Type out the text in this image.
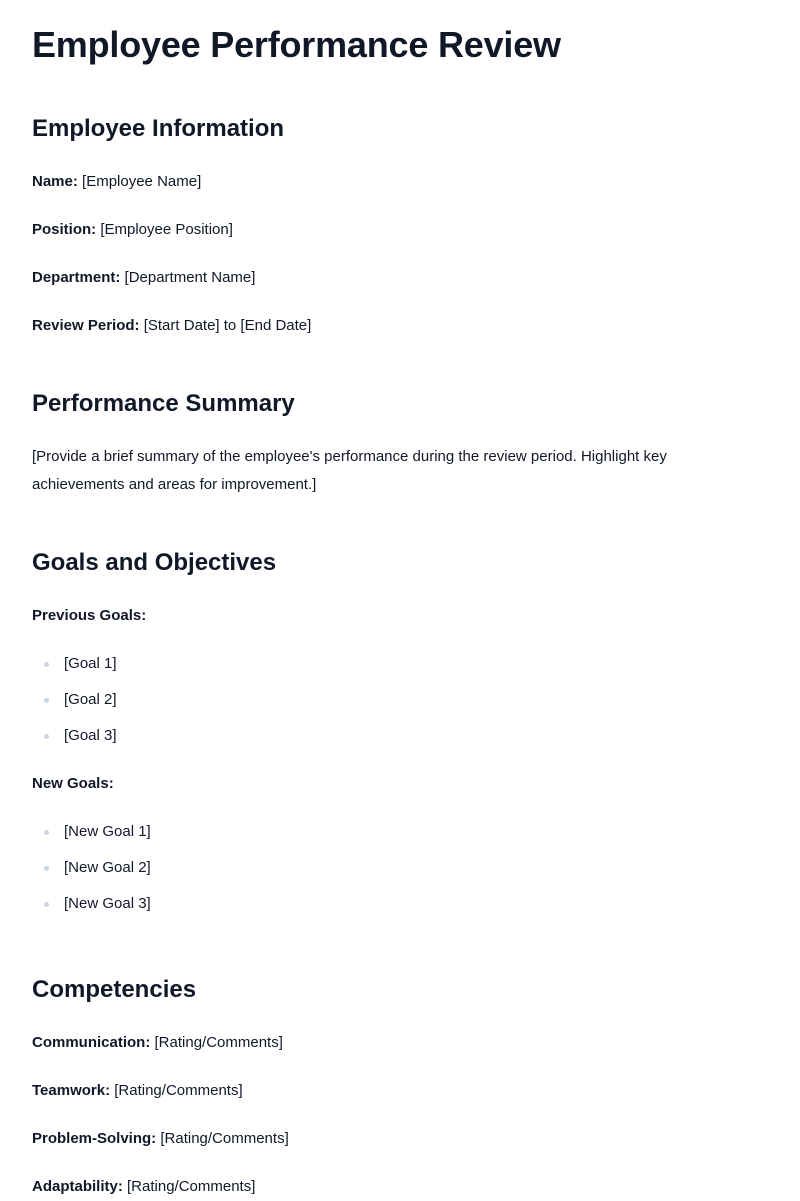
Employee Performance Review
Employee Information
Name: [Employee Name]
Position: [Employee Position]
Department: [Department Name]
Review Period: [Start Date] to [End Date]
Performance Summary

[Provide a brief summary of the employee's performance during the review period. Highlight key achievements and areas for improvement.]

Goals and Objectives
Previous Goals:
[Goal 1]
[Goal 2]
[Goal 3]
New Goals:
[New Goal 1]
[New Goal 2]
[New Goal 3]
Competencies
Communication: [Rating/Comments]
Teamwork: [Rating/Comments]
Problem-Solving: [Rating/Comments]
Adaptability: [Rating/Comments]
